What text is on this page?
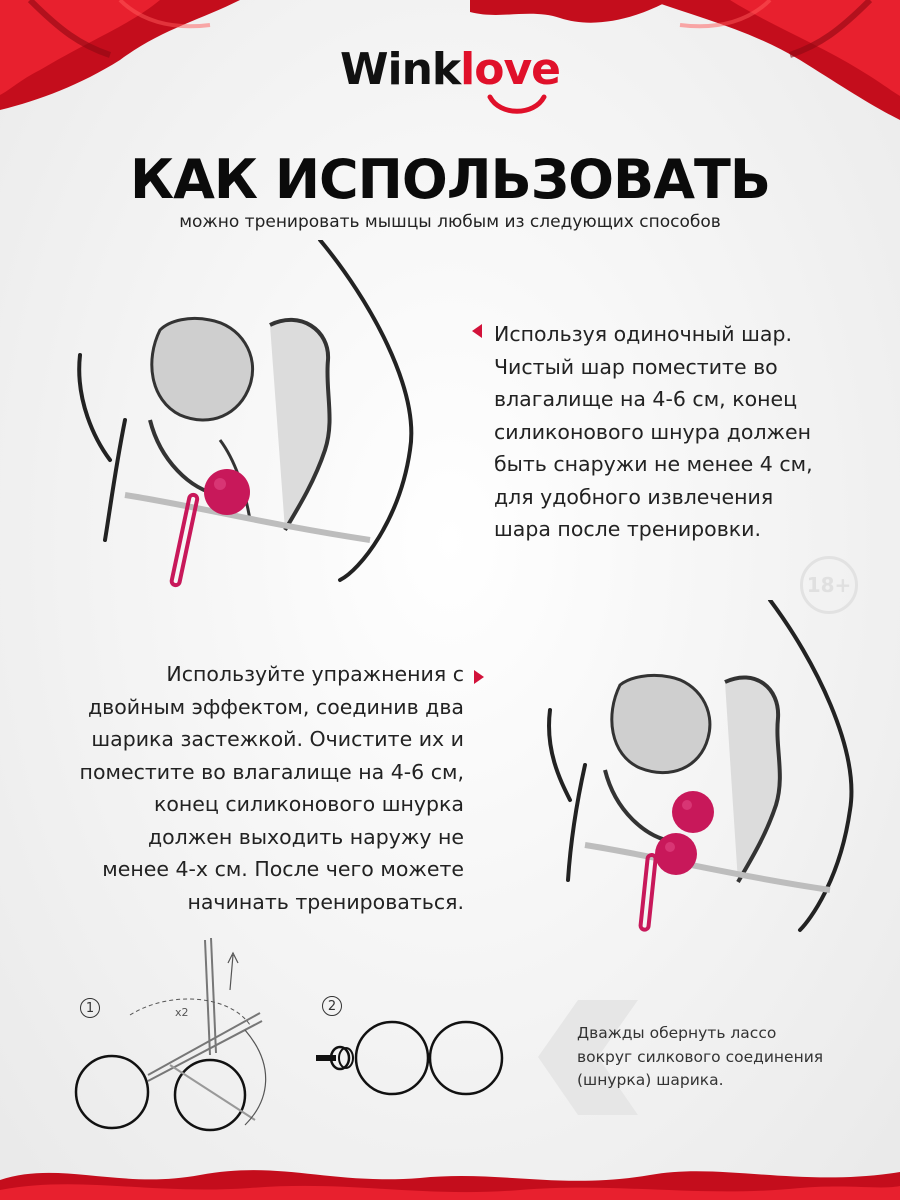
Winklove
КАК ИСПОЛЬЗОВАТЬ
можно тренировать мышцы любым из следующих способов
Используя одиночный шар.
Чистый шар поместите во
влагалище на 4-6 см, конец
силиконового шнура должен
быть снаружи не менее 4 см,
для удобного извлечения
шара после тренировки.
18+
Используйте упражнения с
двойным эффектом, соединив два
шарика застежкой. Очистите их и
поместите во влагалище на 4-6 см,
конец силиконового шнурка
должен выходить наружу не
менее 4-х см. После чего можете
начинать тренироваться.
1	2
x2
Дважды обернуть лассо
вокруг силкового соединения
(шнурка) шарика.
